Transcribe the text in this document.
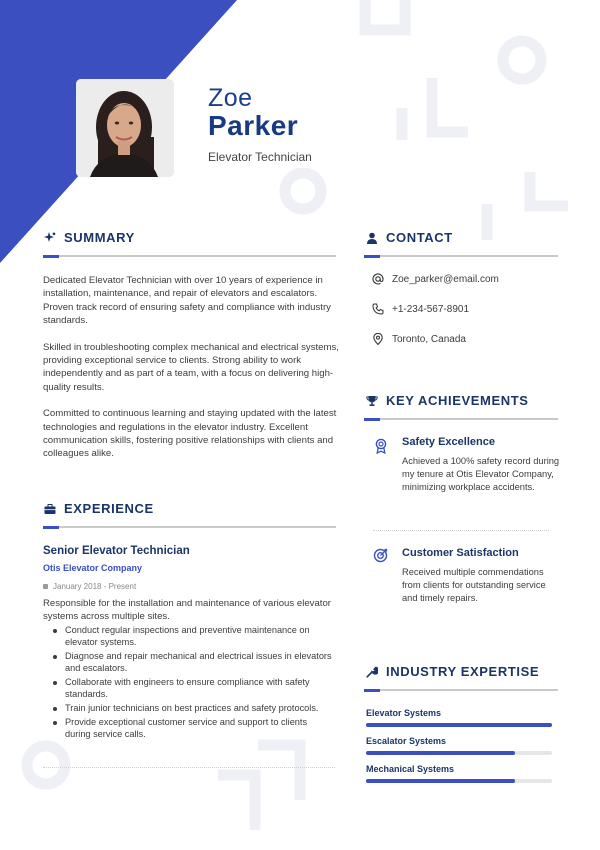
Zoe
Parker
Elevator Technician
SUMMARY

Dedicated Elevator Technician with over 10 years of experience in installation, maintenance, and repair of elevators and escalators. Proven track record of ensuring safety and compliance with industry standards.

Skilled in troubleshooting complex mechanical and electrical systems, providing exceptional service to clients. Strong ability to work independently and as part of a team, with a focus on delivering high-quality results.

Committed to continuous learning and staying updated with the latest technologies and regulations in the elevator industry. Excellent communication skills, fostering positive relationships with clients and colleagues alike.

EXPERIENCE
Senior Elevator Technician
Otis Elevator Company
January 2018 - Present
Responsible for the installation and maintenance of various elevator systems across multiple sites.
Conduct regular inspections and preventive maintenance on elevator systems.
Diagnose and repair mechanical and electrical issues in elevators and escalators.
Collaborate with engineers to ensure compliance with safety standards.
Train junior technicians on best practices and safety protocols.
Provide exceptional customer service and support to clients during service calls.
CONTACT
Zoe_parker@email.com
+1-234-567-8901
Toronto, Canada
KEY ACHIEVEMENTS
Safety Excellence
Achieved a 100% safety record during my tenure at Otis Elevator Company, minimizing workplace accidents.
Customer Satisfaction
Received multiple commendations from clients for outstanding service and timely repairs.
INDUSTRY EXPERTISE
Elevator Systems
Escalator Systems
Mechanical Systems
